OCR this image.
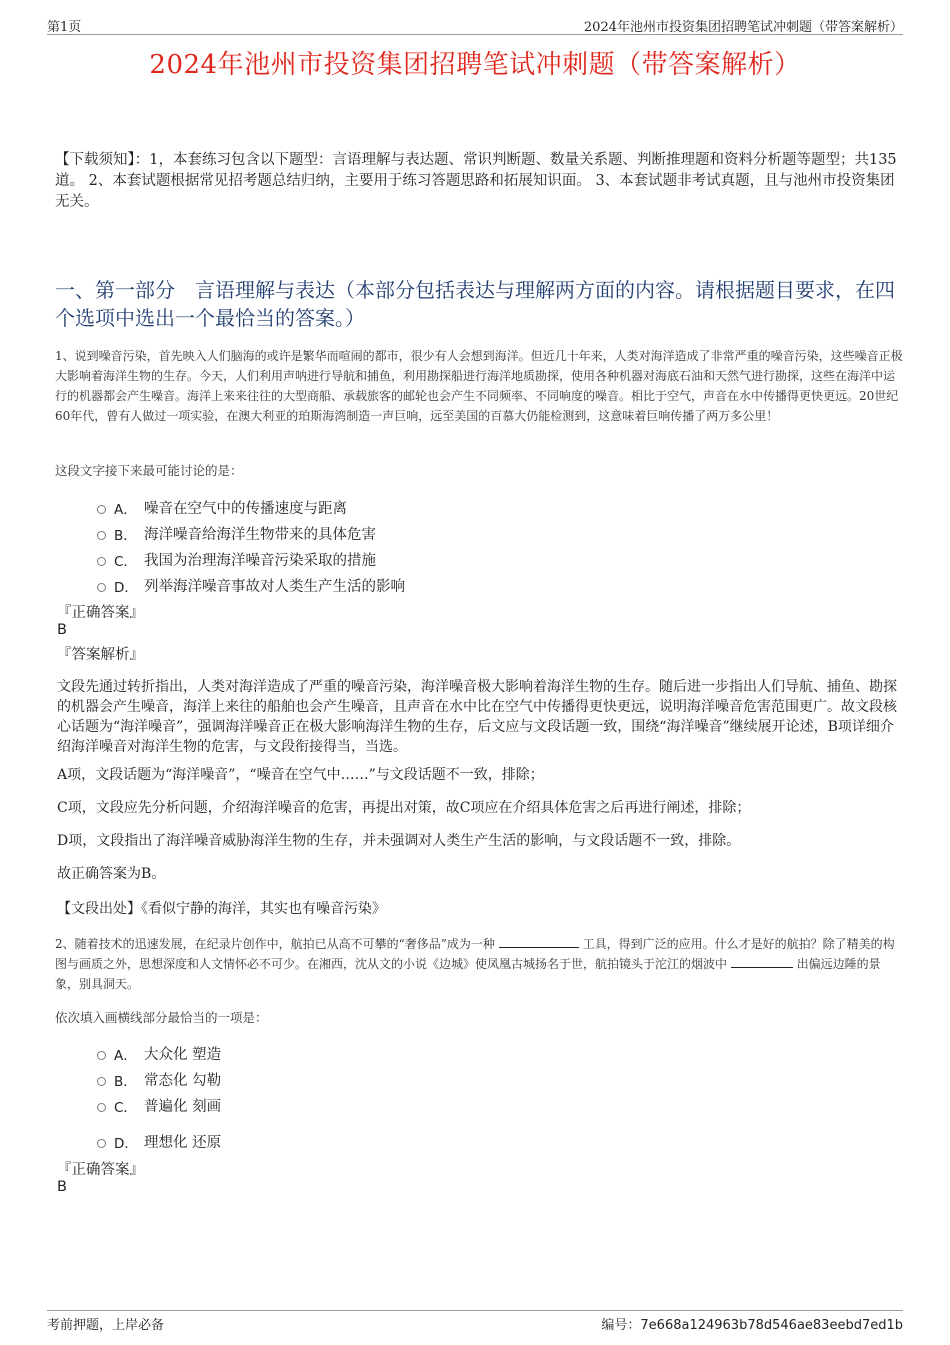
第1页	2024年池州市投资集团招聘笔试冲刺题（带答案解析）
2024年池州市投资集团招聘笔试冲刺题（带答案解析）
【下载须知】：1，本套练习包含以下题型：言语理解与表达题、常识判断题、数量关系题、判断推理题和资料分析题等题型；共135道。 2、本套试题根据常见招考题总结归纳，主要用于练习答题思路和拓展知识面。 3、本套试题非考试真题，且与池州市投资集团无关。
一、第一部分　言语理解与表达（本部分包括表达与理解两方面的内容。请根据题目要求，在四个选项中选出一个最恰当的答案。）
1、说到噪音污染，首先映入人们脑海的或许是繁华而喧闹的都市，很少有人会想到海洋。但近几十年来，人类对海洋造成了非常严重的噪音污染，这些噪音正极大影响着海洋生物的生存。今天，人们利用声呐进行导航和捕鱼，利用勘探船进行海洋地质勘探，使用各种机器对海底石油和天然气进行勘探，这些在海洋中运行的机器都会产生噪音。海洋上来来往往的大型商船、承载旅客的邮轮也会产生不同频率、不同响度的噪音。相比于空气，声音在水中传播得更快更远。20世纪60年代，曾有人做过一项实验，在澳大利亚的珀斯海湾制造一声巨响，远至美国的百慕大仍能检测到，这意味着巨响传播了两万多公里！
这段文字接下来最可能讨论的是：
A． 噪音在空气中的传播速度与距离
B． 海洋噪音给海洋生物带来的具体危害
C． 我国为治理海洋噪音污染采取的措施
D． 列举海洋噪音事故对人类生产生活的影响
『正确答案』
B
『答案解析』
文段先通过转折指出，人类对海洋造成了严重的噪音污染，海洋噪音极大影响着海洋生物的生存。随后进一步指出人们导航、捕鱼、勘探的机器会产生噪音，海洋上来往的船舶也会产生噪音，且声音在水中比在空气中传播得更快更远，说明海洋噪音危害范围更广。故文段核心话题为“海洋噪音”，强调海洋噪音正在极大影响海洋生物的生存，后文应与文段话题一致，围绕“海洋噪音”继续展开论述，B项详细介绍海洋噪音对海洋生物的危害，与文段衔接得当，当选。
A项，文段话题为“海洋噪音”，“噪音在空气中……”与文段话题不一致，排除；
C项，文段应先分析问题，介绍海洋噪音的危害，再提出对策，故C项应在介绍具体危害之后再进行阐述，排除；
D项，文段指出了海洋噪音威胁海洋生物的生存，并未强调对人类生产生活的影响，与文段话题不一致，排除。
故正确答案为B。
【文段出处】《看似宁静的海洋，其实也有噪音污染》
2、随着技术的迅速发展，在纪录片创作中，航拍已从高不可攀的“奢侈品”成为一种	工具，得到广泛的应用。什么才是好的航拍？除了精美的构图与画质之外，思想深度和人文情怀必不可少。在湘西，沈从文的小说《边城》使凤凰古城扬名于世，航拍镜头于沱江的烟波中	出偏远边陲的景象，别具洞天。
依次填入画横线部分最恰当的一项是：
A． 大众化 塑造
B． 常态化 勾勒
C． 普遍化 刻画
D． 理想化 还原
『正确答案』
B
考前押题，上岸必备	编号：7e668a124963b78d546ae83eebd7ed1b
